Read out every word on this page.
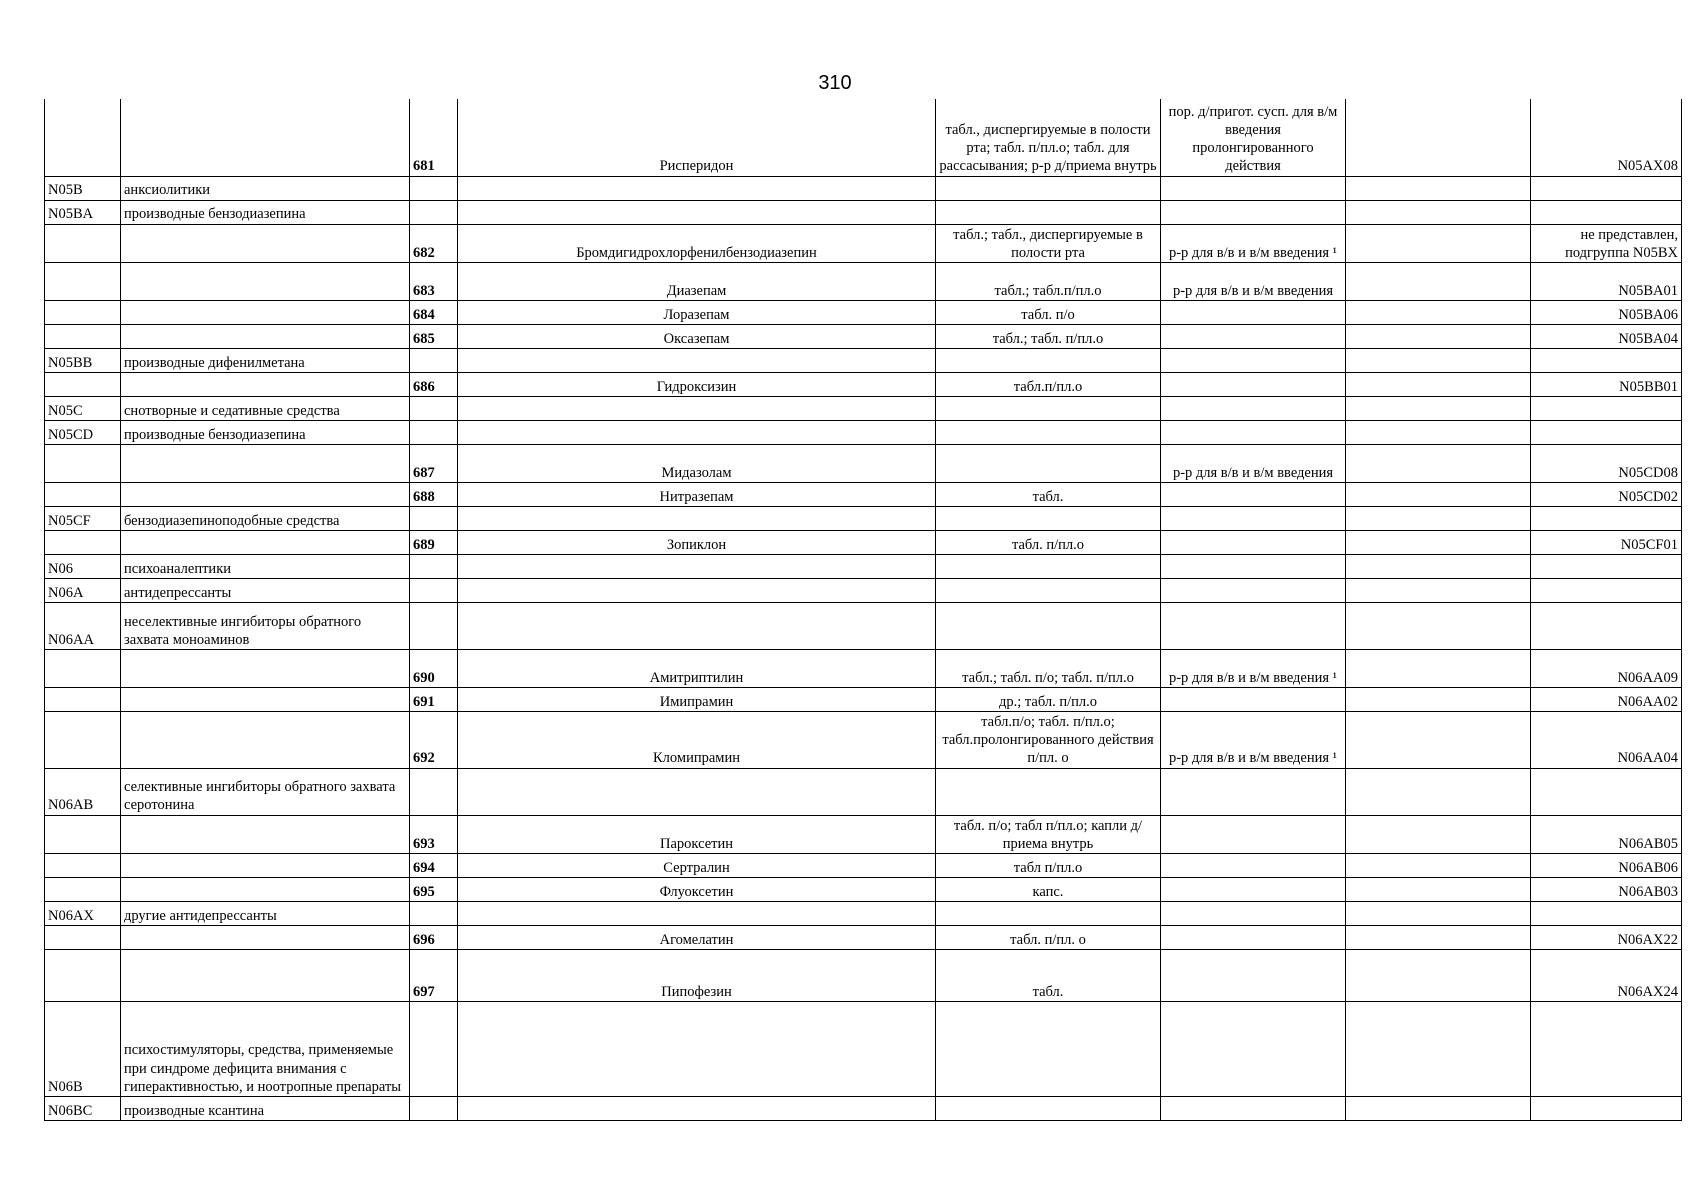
310
		681	Рисперидон	табл., диспергируемые в полости рта; табл. п/пл.о; табл. для рассасывания; р-р д/приема внутрь	пор. д/пригот. сусп. для в/м введения пролонгированного действия		N05AX08
N05B	анксиолитики						
N05BA	производные бензодиазепина						
		682	Бромдигидрохлорфенилбензодиазепин	табл.; табл., диспергируемые в полости рта	р-р для в/в и в/м введения ¹		не представлен, подгруппа N05BX
		683	Диазепам	табл.; табл.п/пл.о	р-р для в/в и в/м введения		N05BA01
		684	Лоразепам	табл. п/о			N05BA06
		685	Оксазепам	табл.; табл. п/пл.о			N05BA04
N05BB	производные дифенилметана						
		686	Гидроксизин	табл.п/пл.о			N05BB01
N05C	снотворные и седативные средства						
N05CD	производные бензодиазепина						
		687	Мидазолам		р-р для в/в и в/м введения		N05CD08
		688	Нитразепам	табл.			N05CD02
N05CF	бензодиазепиноподобные средства						
		689	Зопиклон	табл. п/пл.о			N05CF01
N06	психоаналептики						
N06A	антидепрессанты						
N06AA	неселективные ингибиторы обратного захвата моноаминов						
		690	Амитриптилин	табл.; табл. п/о; табл. п/пл.о	р-р для в/в и в/м введения ¹		N06AA09
		691	Имипрамин	др.; табл. п/пл.о			N06AA02
		692	Кломипрамин	табл.п/о; табл. п/пл.о; табл.пролонгированного действия п/пл. о	р-р для в/в и в/м введения ¹		N06AA04
N06AB	селективные ингибиторы обратного захвата серотонина						
		693	Пароксетин	табл. п/о; табл п/пл.о; капли д/приема внутрь			N06AB05
		694	Сертралин	табл п/пл.о			N06AB06
		695	Флуоксетин	капс.			N06AB03
N06AX	другие антидепрессанты						
		696	Агомелатин	табл. п/пл. о			N06AX22
		697	Пипофезин	табл.			N06AX24
N06B	психостимуляторы, средства, применяемые при синдроме дефицита внимания с гиперактивностью, и ноотропные препараты						
N06BC	производные ксантина						
